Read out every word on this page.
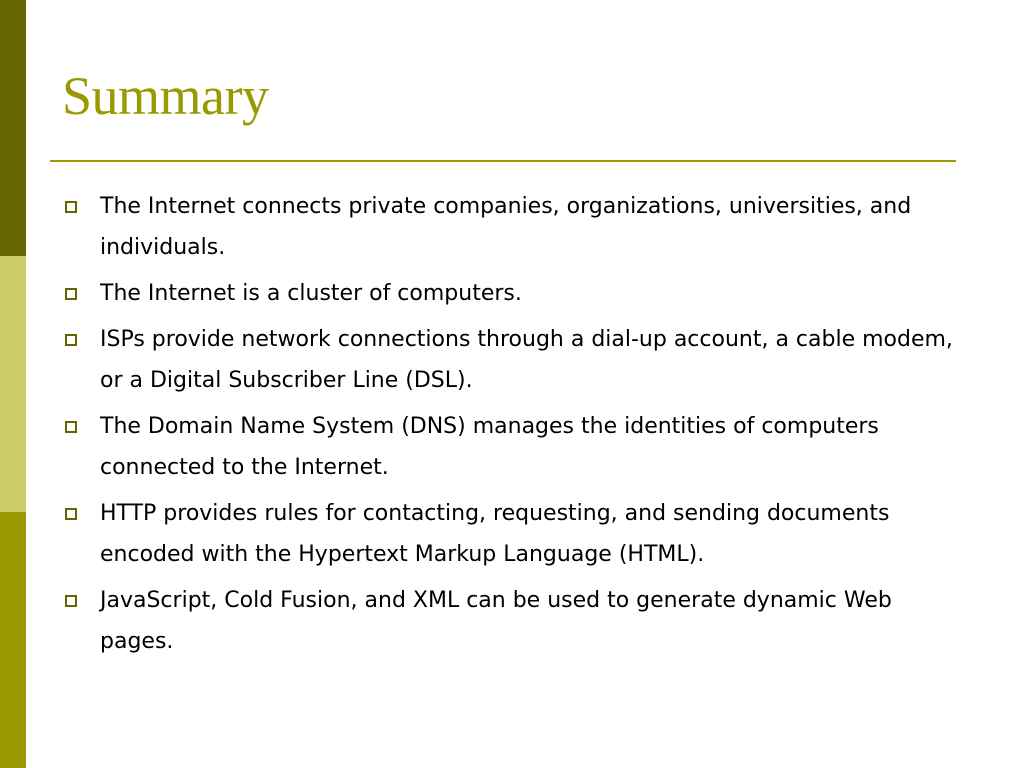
Summary
The Internet connects private companies, organizations, universities, and individuals.
The Internet is a cluster of computers.
ISPs provide network connections through a dial-up account, a cable modem, or a Digital Subscriber Line (DSL).
The Domain Name System (DNS) manages the identities of computers connected to the Internet.
HTTP provides rules for contacting, requesting, and sending documents encoded with the Hypertext Markup Language (HTML).
JavaScript, Cold Fusion, and XML can be used to generate dynamic Web pages.
